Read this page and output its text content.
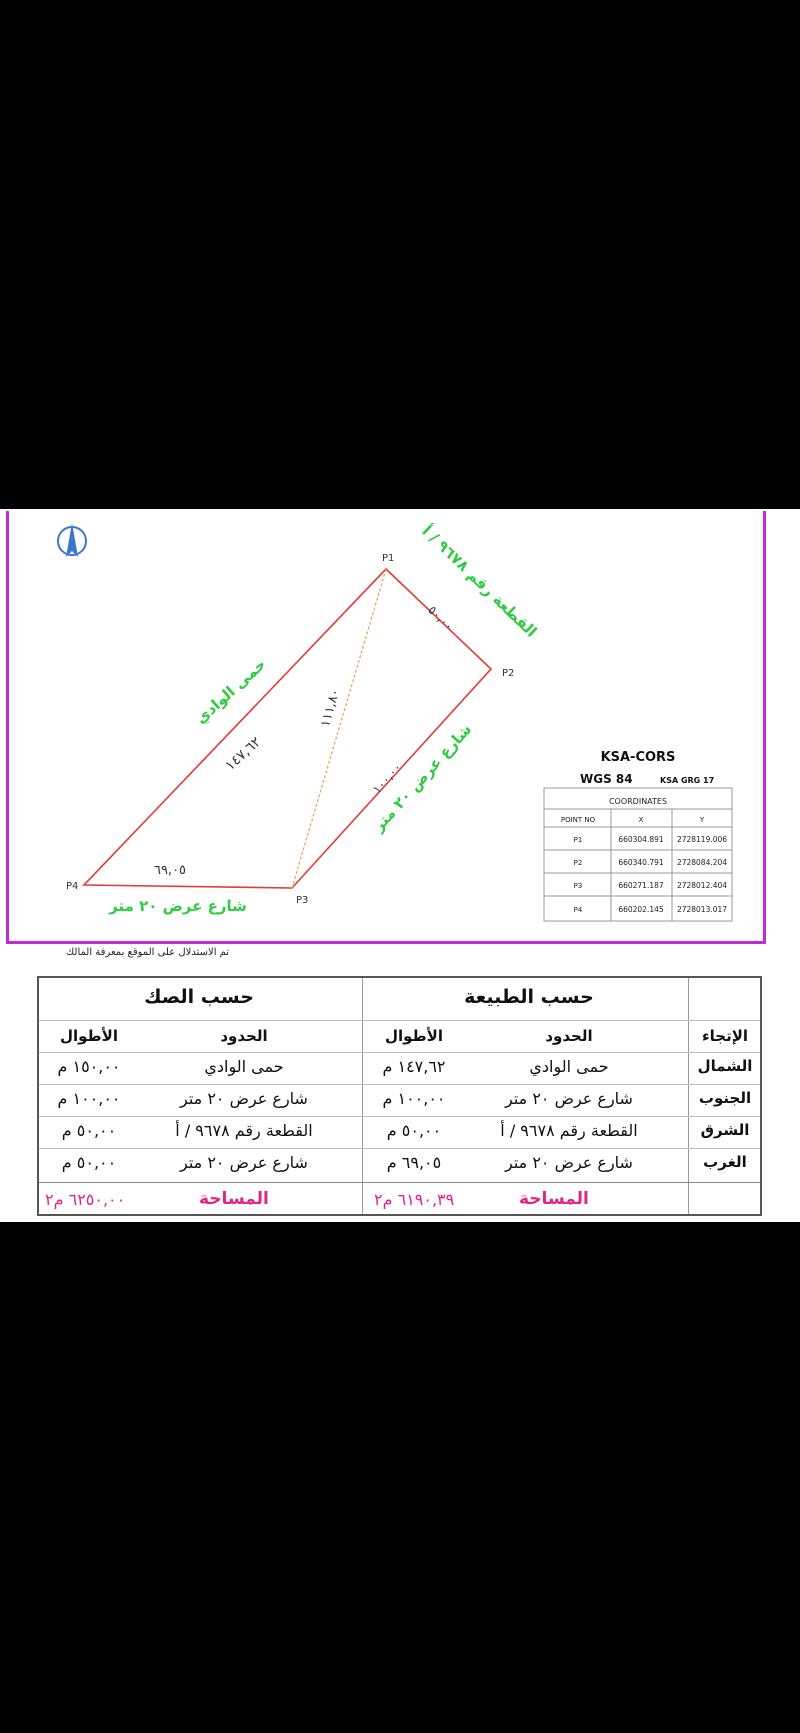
P1
P2
P3
P4
١٤٧,٦٢
٥٠,٠٠
١٠٠,٠٠
٦٩,٠٥
١١١,٨٠
حمى الوادي
القطعة رقم ٩٦٧٨ / أ
شارع عرض ٢٠ متر
شارع عرض ٢٠ متر
KSA-CORS
WGS 84	KSA GRG 17
COORDINATES
POINT NO	X	Y
P1	660304.891 2728119.006
P2	660340.791 2728084.204
P3	660271.187 2728012.404
P4	660202.145 2728013.017
تم الاستدلال على الموقع بمعرفة المالك
حسب الصك	حسب الطبيعة
الأطوال	الحدود	الأطوال	الحدود	الإتجاء
١٥٠,٠٠ م	حمى الوادي	١٤٧,٦٢ م	حمى الوادي	الشمال
١٠٠,٠٠ م	شارع عرض ٢٠ متر	١٠٠,٠٠ م	شارع عرض ٢٠ متر	الجنوب
٥٠,٠٠ م	القطعة رقم ٩٦٧٨ / أ	٥٠,٠٠ م	القطعة رقم ٩٦٧٨ / أ	الشرق
٥٠,٠٠ م	شارع عرض ٢٠ متر	٦٩,٠٥ م	شارع عرض ٢٠ متر	الغرب
٦٢٥٠,٠٠ م٢	المساحة	٦١٩٠,٣٩ م٢	المساحة
